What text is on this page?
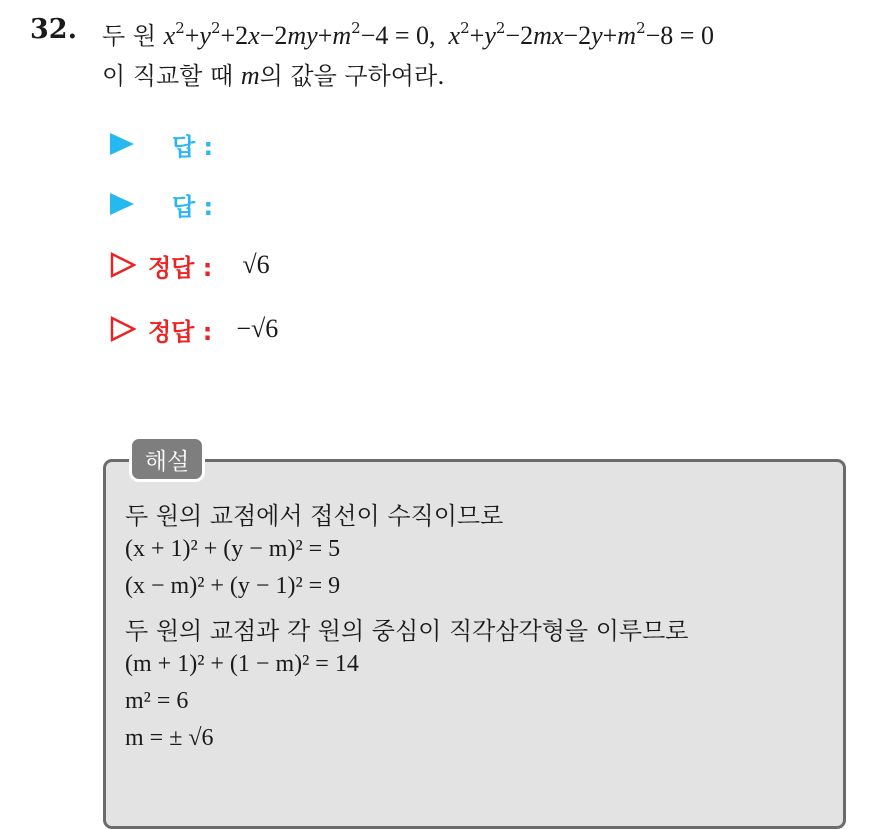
32. 두 원 $x^2+y^2+2x-2my+m^2-4 = 0$,  $x^2+y^2-2mx-2y+m^2-8 = 0$
이 직교할 때 m의 값을 구하여라.
답 :
답 :
정답 : √6
정답 : −√6
해설
두 원의 교점에서 접선이 수직이므로
(x + 1)² + (y − m)² = 5
(x − m)² + (y − 1)² = 9
두 원의 교점과 각 원의 중심이 직각삼각형을 이루므로
(m + 1)² + (1 − m)² = 14
m² = 6
m = ± √6
